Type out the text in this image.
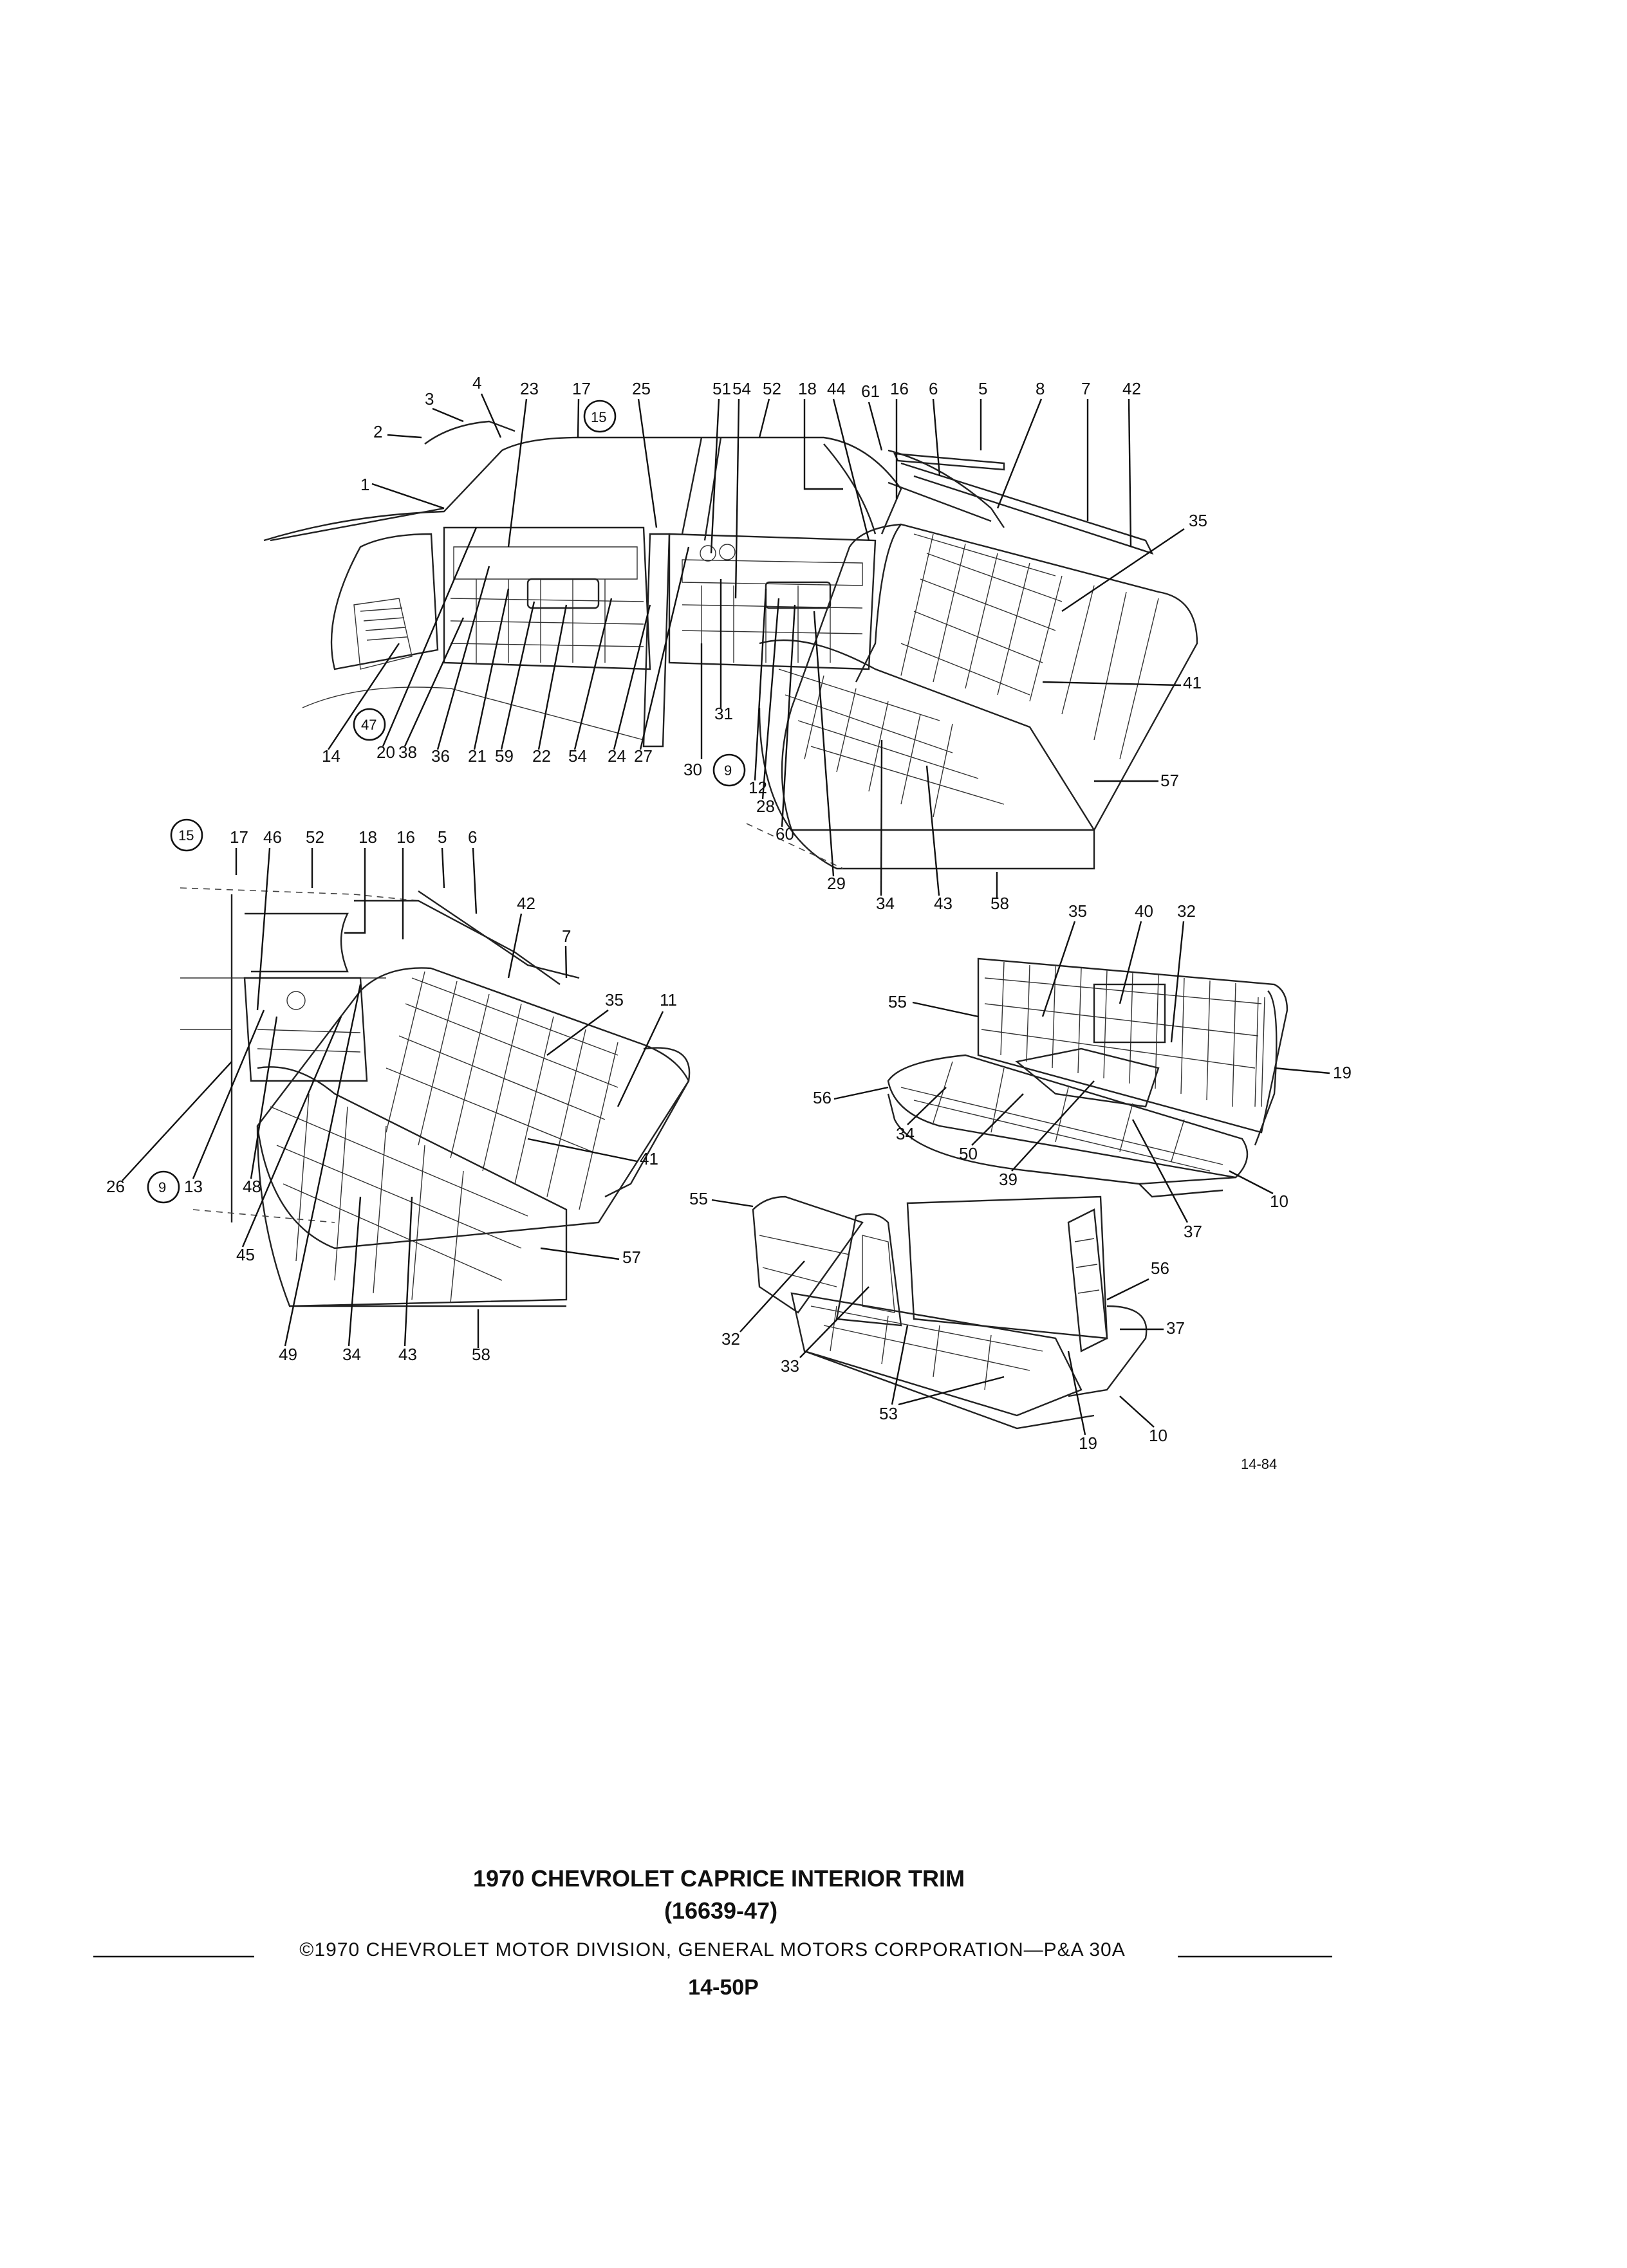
3
4
2
1
23 17
15
25	51 54 52 18 44 61 16 6 5	8 7 42
35
41
57
58
43
34
29
60
28
12
9
30
31
27
24
54
22
59
21
36
38
20
14
47
15 17 46 52 18 16 5 6
42
7
35 11
41
57
58
43
34
49
45
48
13
9
26
35	40 32
55
19
56
34
50
39
37
10
55
32
33
53
19	10
37
56
14-84
1970 CHEVROLET CAPRICE INTERIOR TRIM
(16639-47)
©1970 CHEVROLET MOTOR DIVISION, GENERAL MOTORS CORPORATION—P&A 30A
14-50P
